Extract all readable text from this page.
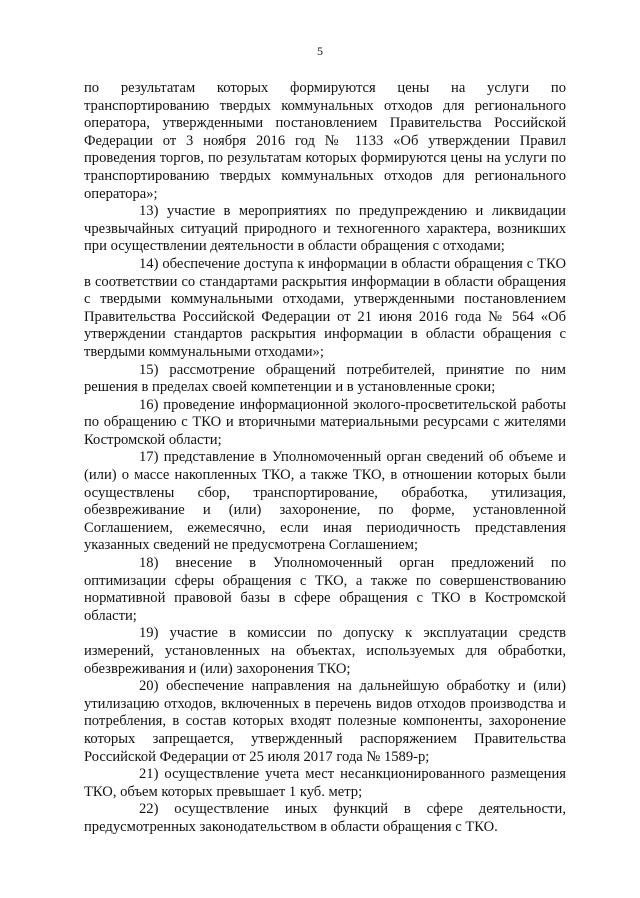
5

по результатам которых формируются цены на услуги по транспортированию твердых коммунальных отходов для регионального оператора, утвержденными постановлением Правительства Российской Федерации от 3 ноября 2016 год № 1133 «Об утверждении Правил проведения торгов, по результатам которых формируются цены на услуги по транспортированию твердых коммунальных отходов для регионального оператора»;

13) участие в мероприятиях по предупреждению и ликвидации чрезвычайных ситуаций природного и техногенного характера, возникших при осуществлении деятельности в области обращения с отходами;

14) обеспечение доступа к информации в области обращения с ТКО в соответствии со стандартами раскрытия информации в области обращения с твердыми коммунальными отходами, утвержденными постановлением Правительства Российской Федерации от 21 июня 2016 года № 564 «Об утверждении стандартов раскрытия информации в области обращения с твердыми коммунальными отходами»;

15) рассмотрение обращений потребителей, принятие по ним решения в пределах своей компетенции и в установленные сроки;

16) проведение информационной эколого-просветительской работы по обращению с ТКО и вторичными материальными ресурсами с жителями Костромской области;

17) представление в Уполномоченный орган сведений об объеме и (или) о массе накопленных ТКО, а также ТКО, в отношении которых были осуществлены сбор, транспортирование, обработка, утилизация, обезвреживание и (или) захоронение, по форме, установленной Соглашением, ежемесячно, если иная периодичность представления указанных сведений не предусмотрена Соглашением;

18) внесение в Уполномоченный орган предложений по оптимизации сферы обращения с ТКО, а также по совершенствованию нормативной правовой базы в сфере обращения с ТКО в Костромской области;

19) участие в комиссии по допуску к эксплуатации средств измерений, установленных на объектах, используемых для обработки, обезвреживания и (или) захоронения ТКО;

20) обеспечение направления на дальнейшую обработку и (или) утилизацию отходов, включенных в перечень видов отходов производства и потребления, в состав которых входят полезные компоненты, захоронение которых запрещается, утвержденный распоряжением Правительства Российской Федерации от 25 июля 2017 года № 1589-р;

21) осуществление учета мест несанкционированного размещения ТКО, объем которых превышает 1 куб. метр;

22) осуществление иных функций в сфере деятельности, предусмотренных законодательством в области обращения с ТКО.
